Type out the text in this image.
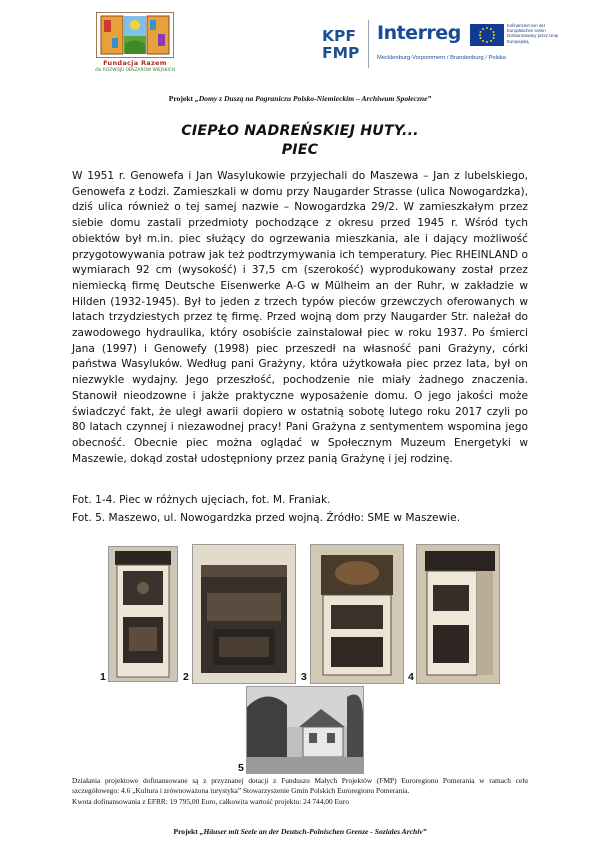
Fundacja Razem
dla ROZWOJU OBSZARÓW WIEJSKICH
KPF
FMP
Interreg	Kofinanziert von der Europäischen Union Dofinansowany przez Unię Europejską
Mecklenburg-Vorpommern / Brandenburg / Polska
Projekt „Domy z Duszą na Pograniczu Polsko-Niemieckim – Archiwum Społeczne”
CIEPŁO NADREŃSKIEJ HUTY...
PIEC
W 1951 r. Genowefa i Jan Wasylukowie przyjechali do Maszewa – Jan z lubelskiego, Genowefa z Łodzi. Zamieszkali w domu przy Naugarder Strasse (ulica Nowogardzka), dziś ulica również o tej samej nazwie – Nowogardzka 29/2. W zamieszkałym przez siebie domu zastali przedmioty pochodzące z okresu przed 1945 r. Wśród tych obiektów był m.in. piec służący do ogrzewania mieszkania, ale i dający możliwość przygotowywania potraw jak też podtrzymywania ich temperatury. Piec RHEINLAND o wymiarach 92 cm (wysokość) i 37,5 cm (szerokość) wyprodukowany został przez niemiecką firmę Deutsche Eisenwerke A-G w Mülheim an der Ruhr, w zakładzie w Hilden (1932-1945). Był to jeden z trzech typów pieców grzewczych oferowanych w latach trzydziestych przez tę firmę. Przed wojną dom przy Naugarder Str. należał do zawodowego hydraulika, który osobiście zainstalował piec w roku 1937. Po śmierci Jana (1997) i Genowefy (1998) piec przeszedł na własność pani Grażyny, córki państwa Wasyluków. Według pani Grażyny, która użytkowała piec przez lata, był on niezwykle wydajny. Jego przeszłość, pochodzenie nie miały żadnego znaczenia. Stanowił nieodzowne i jakże praktyczne wyposażenie domu. O jego jakości może świadczyć fakt, że uległ awarii dopiero w ostatnią sobotę lutego roku 2017 czyli po 80 latach czynnej i niezawodnej pracy! Pani Grażyna z sentymentem wspomina jego obecność. Obecnie piec można oglądać w Społecznym Muzeum Energetyki w Maszewie, dokąd został udostępniony przez panią Grażynę i jej rodzinę.
Fot. 1-4. Piec w różnych ujęciach, fot. M. Franiak.
Fot. 5. Maszewo, ul. Nowogardzka przed wojną. Źródło: SME w Maszewie.
1	2	3	4
5
Działania projektowe dofinansowane są z przyznanej dotacji z Funduszu Małych Projektów (FMP) Euroregionu Pomerania w ramach celu szczegółowego: 4.6 „Kultura i zrównoważona turystyka” Stowarzyszenie Gmin Polskich Euroregionu Pomerania.
Kwota dofinansowania z EFRR: 19 795,00 Euro, całkowita wartość projektu: 24 744,00 Euro
Projekt „Häuser mit Seele an der Deutsch-Polnischen Grenze - Soziales Archiv”
